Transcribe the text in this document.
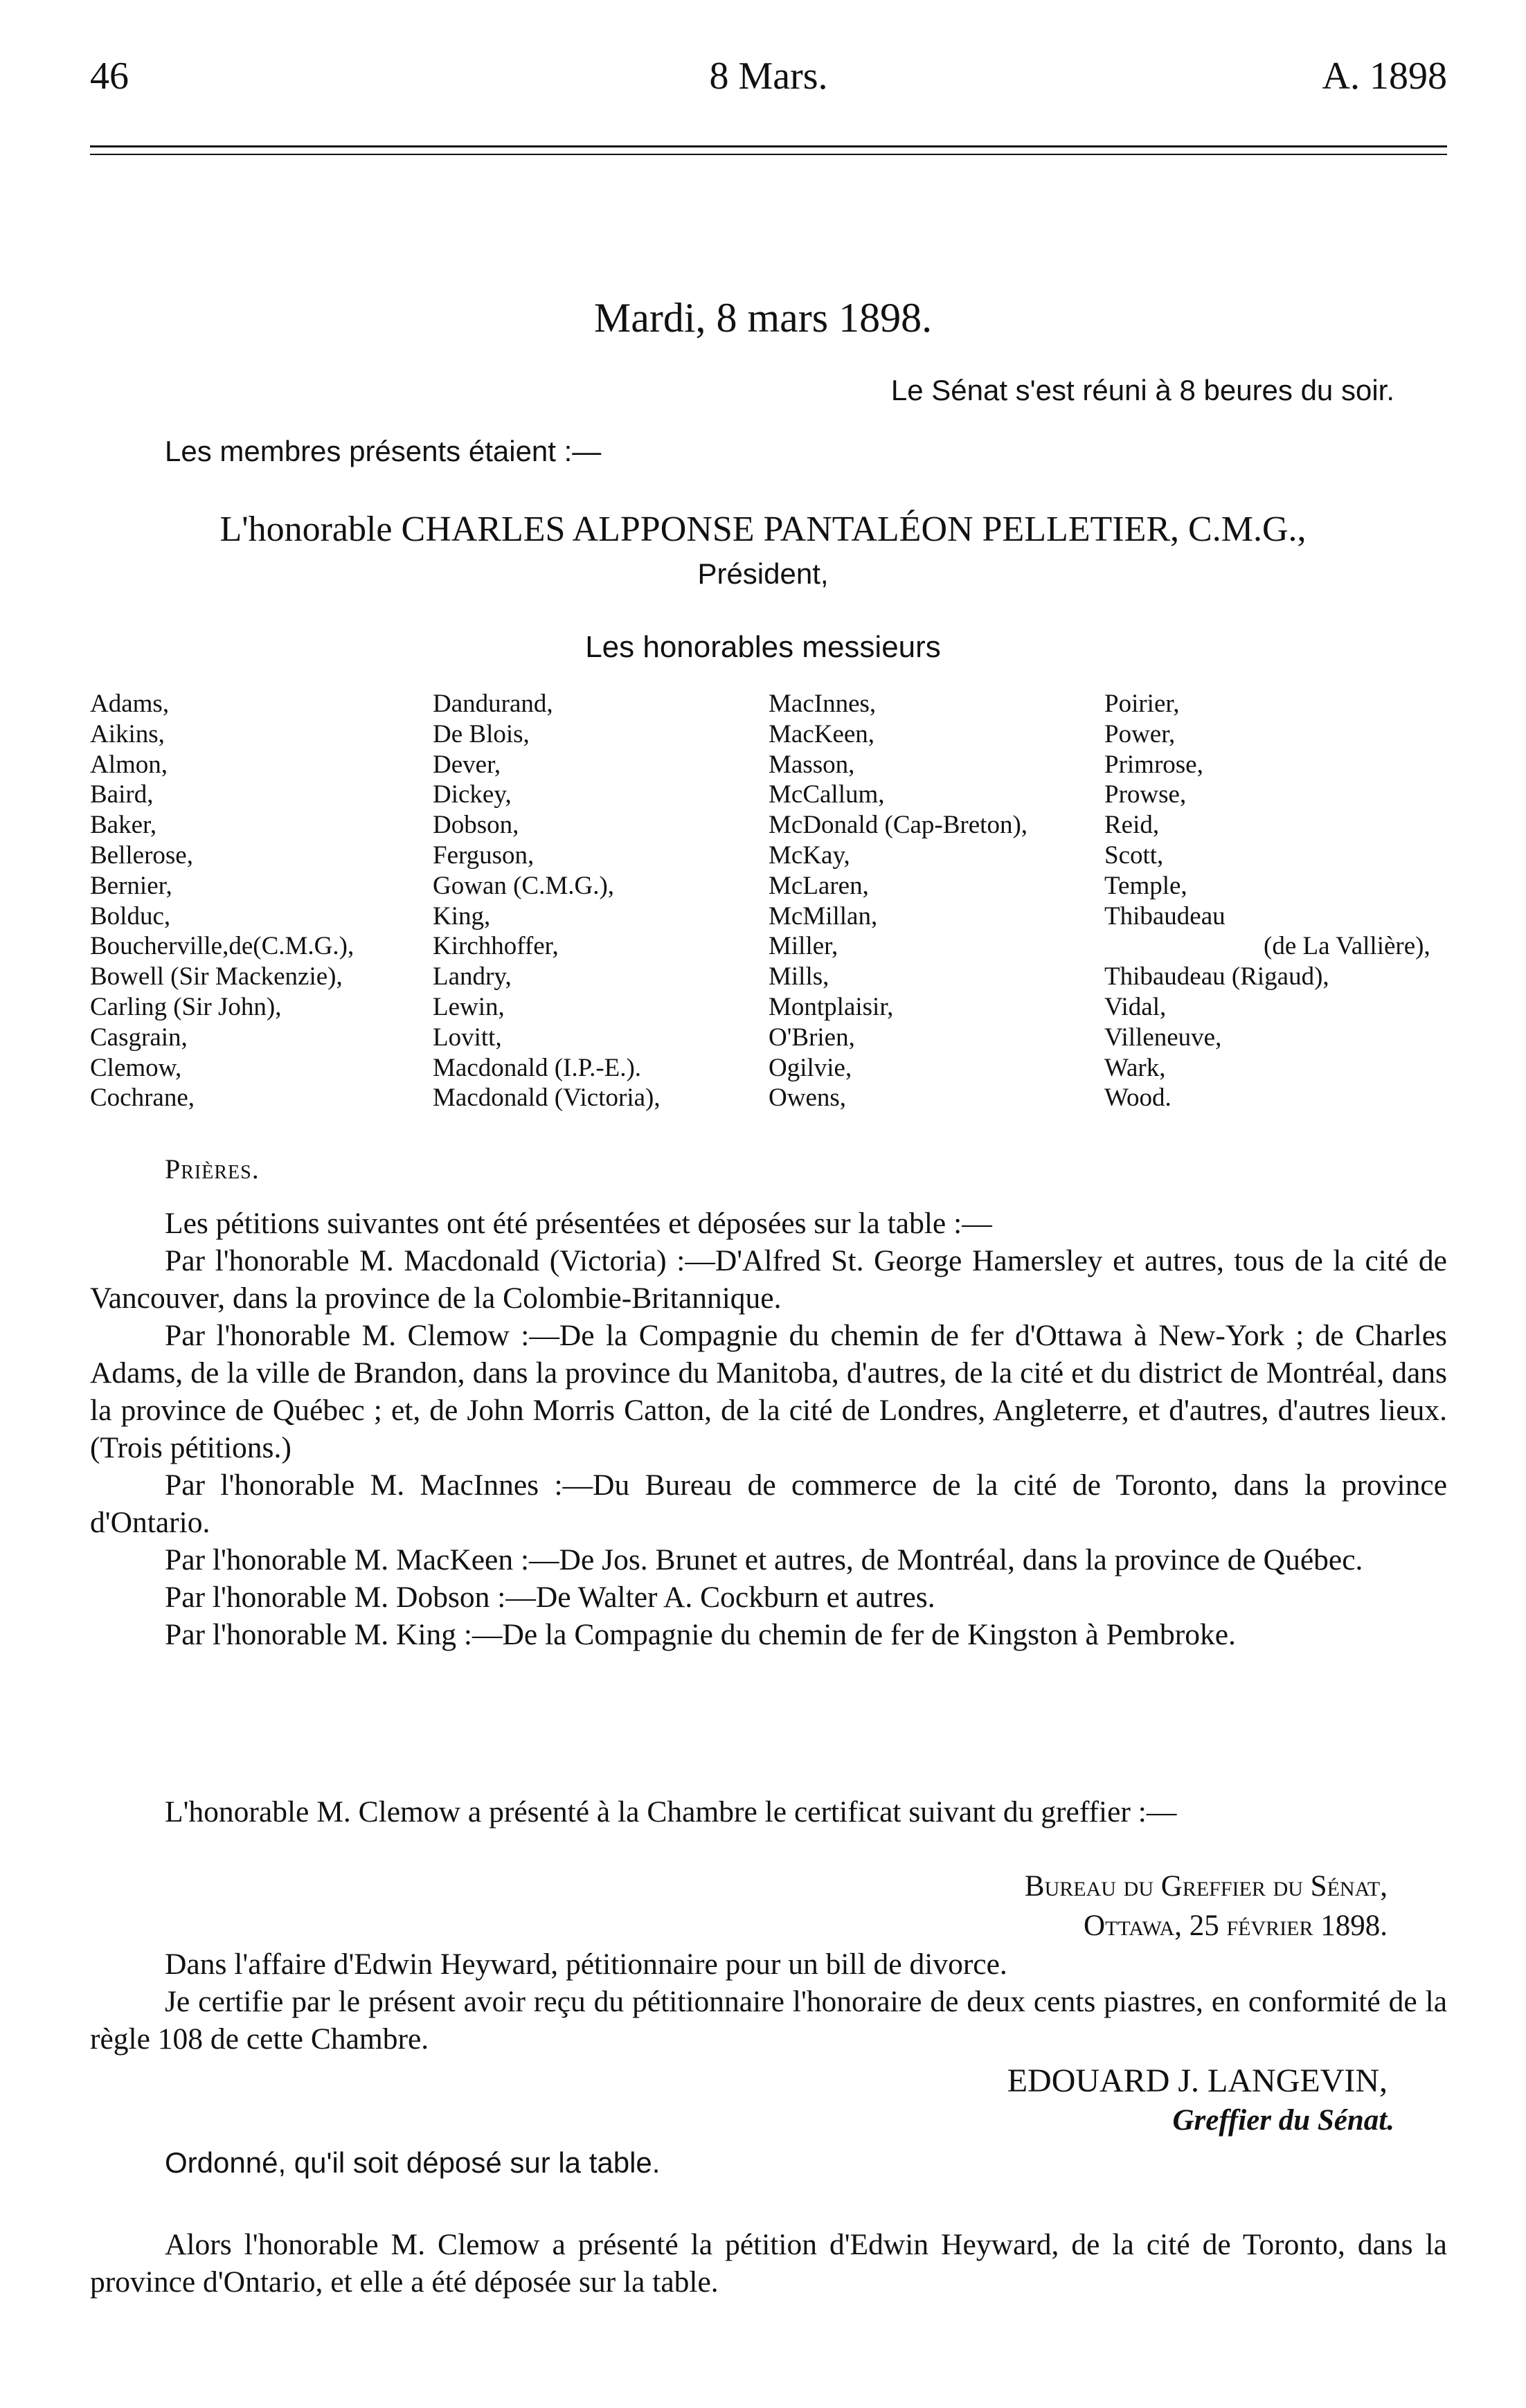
8 Mars.
46	A. 1898
Mardi, 8 mars 1898.
Le Sénat s'est réuni à 8 beures du soir.
Les membres présents étaient :—
L'honorable CHARLES ALPPONSE PANTALÉON PELLETIER, C.M.G.,
Président,
Les honorables messieurs
Adams,
Aikins,
Almon,
Baird,
Baker,
Bellerose,
Bernier,
Bolduc,
Boucherville,de(C.M.G.),
Bowell (Sir Mackenzie),
Carling (Sir John),
Casgrain,
Clemow,
Cochrane,
Dandurand,
De Blois,
Dever,
Dickey,
Dobson,
Ferguson,
Gowan (C.M.G.),
King,
Kirchhoffer,
Landry,
Lewin,
Lovitt,
Macdonald (I.P.-E.).
Macdonald (Victoria),
MacInnes,
MacKeen,
Masson,
McCallum,
McDonald (Cap-Breton),
McKay,
McLaren,
McMillan,
Miller,
Mills,
Montplaisir,
O'Brien,
Ogilvie,
Owens,
Poirier,
Power,
Primrose,
Prowse,
Reid,
Scott,
Temple,
Thibaudeau
(de La Vallière),
Thibaudeau (Rigaud),
Vidal,
Villeneuve,
Wark,
Wood.
Prières.

Les pétitions suivantes ont été présentées et déposées sur la table :—

Par l'honorable M. Macdonald (Victoria) :—D'Alfred St. George Hamersley et autres, tous de la cité de Vancouver, dans la province de la Colombie-Britannique.

Par l'honorable M. Clemow :—De la Compagnie du chemin de fer d'Ottawa à New-York ; de Charles Adams, de la ville de Brandon, dans la province du Manitoba, d'autres, de la cité et du district de Montréal, dans la province de Québec ; et, de John Morris Catton, de la cité de Londres, Angleterre, et d'autres, d'autres lieux. (Trois pétitions.)

Par l'honorable M. MacInnes :—Du Bureau de commerce de la cité de Toronto, dans la province d'Ontario.

Par l'honorable M. MacKeen :—De Jos. Brunet et autres, de Montréal, dans la province de Québec.

Par l'honorable M. Dobson :—De Walter A. Cockburn et autres.

Par l'honorable M. King :—De la Compagnie du chemin de fer de Kingston à Pembroke.

L'honorable M. Clemow a présenté à la Chambre le certificat suivant du greffier :—

Bureau du Greffier du Sénat,
Ottawa, 25 février 1898.

Dans l'affaire d'Edwin Heyward, pétitionnaire pour un bill de divorce.

Je certifie par le présent avoir reçu du pétitionnaire l'honoraire de deux cents piastres, en conformité de la règle 108 de cette Chambre.

EDOUARD J. LANGEVIN,
Greffier du Sénat.
Ordonné, qu'il soit déposé sur la table.

Alors l'honorable M. Clemow a présenté la pétition d'Edwin Heyward, de la cité de Toronto, dans la province d'Ontario, et elle a été déposée sur la table.
